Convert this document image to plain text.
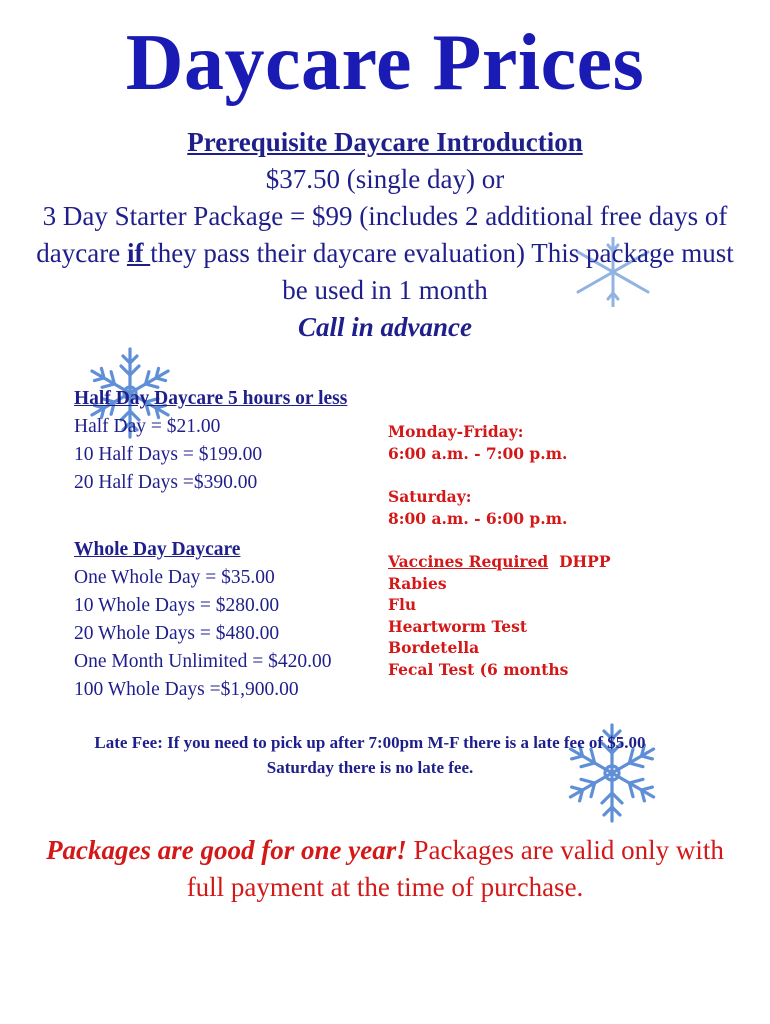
Daycare Prices
Prerequisite Daycare Introduction
$37.50 (single day) or
3 Day Starter Package = $99 (includes 2 additional free days of daycare if they pass their daycare evaluation) This package must be used in 1 month
Call in advance
Half Day Daycare 5 hours or less
Half Day = $21.00
10 Half Days = $199.00
20 Half Days =$390.00
Whole Day Daycare
One Whole Day = $35.00
10 Whole Days = $280.00
20 Whole Days = $480.00
One Month Unlimited = $420.00
100 Whole Days =$1,900.00
Monday-Friday:
6:00 a.m. - 7:00 p.m.
Saturday:
8:00 a.m. - 6:00 p.m.
Vaccines Required DHPP
Rabies
Flu
Heartworm Test
Bordetella
Fecal Test (6 months
Late Fee: If you need to pick up after 7:00pm M-F there is a late fee of $5.00
Saturday there is no late fee.
Packages are good for one year! Packages are valid only with full payment at the time of purchase.
